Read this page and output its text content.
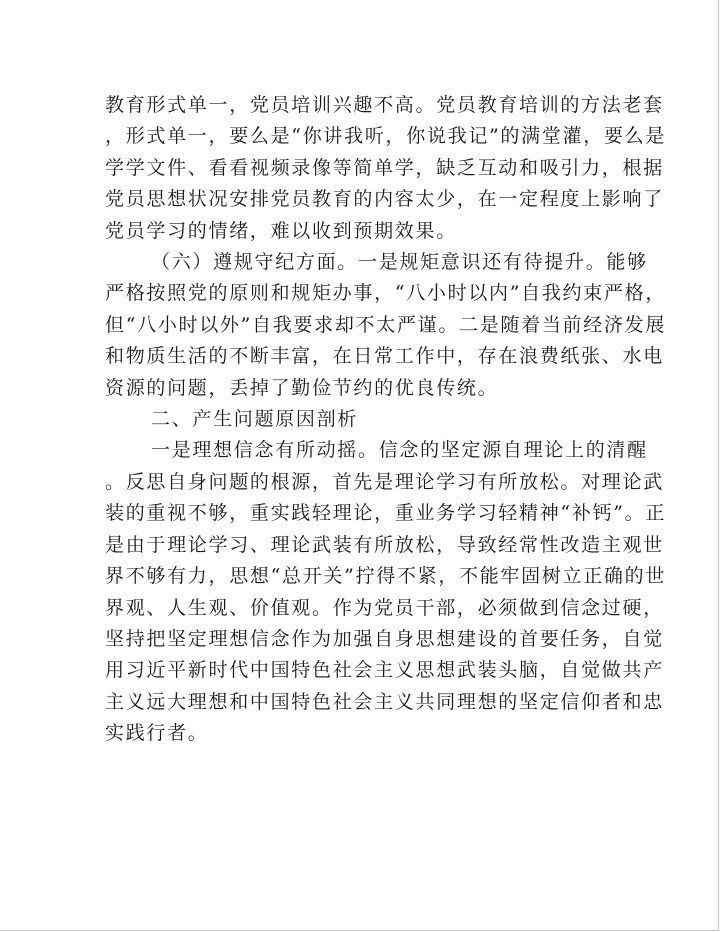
教育形式单一，党员培训兴趣不高。党员教育培训的方法老套
，形式单一，要么是“你讲我听，你说我记”的满堂灌，要么是
学学文件、看看视频录像等简单学，缺乏互动和吸引力，根据
党员思想状况安排党员教育的内容太少，在一定程度上影响了
党员学习的情绪，难以收到预期效果。
（六）遵规守纪方面。一是规矩意识还有待提升。能够
严格按照党的原则和规矩办事，“八小时以内”自我约束严格，
但“八小时以外”自我要求却不太严谨。二是随着当前经济发展
和物质生活的不断丰富，在日常工作中，存在浪费纸张、水电
资源的问题，丢掉了勤俭节约的优良传统。
二、产生问题原因剖析
一是理想信念有所动摇。信念的坚定源自理论上的清醒
。反思自身问题的根源，首先是理论学习有所放松。对理论武
装的重视不够，重实践轻理论，重业务学习轻精神“补钙”。正
是由于理论学习、理论武装有所放松，导致经常性改造主观世
界不够有力，思想“总开关”拧得不紧，不能牢固树立正确的世
界观、人生观、价值观。作为党员干部，必须做到信念过硬，
坚持把坚定理想信念作为加强自身思想建设的首要任务，自觉
用习近平新时代中国特色社会主义思想武装头脑，自觉做共产
主义远大理想和中国特色社会主义共同理想的坚定信仰者和忠
实践行者。
